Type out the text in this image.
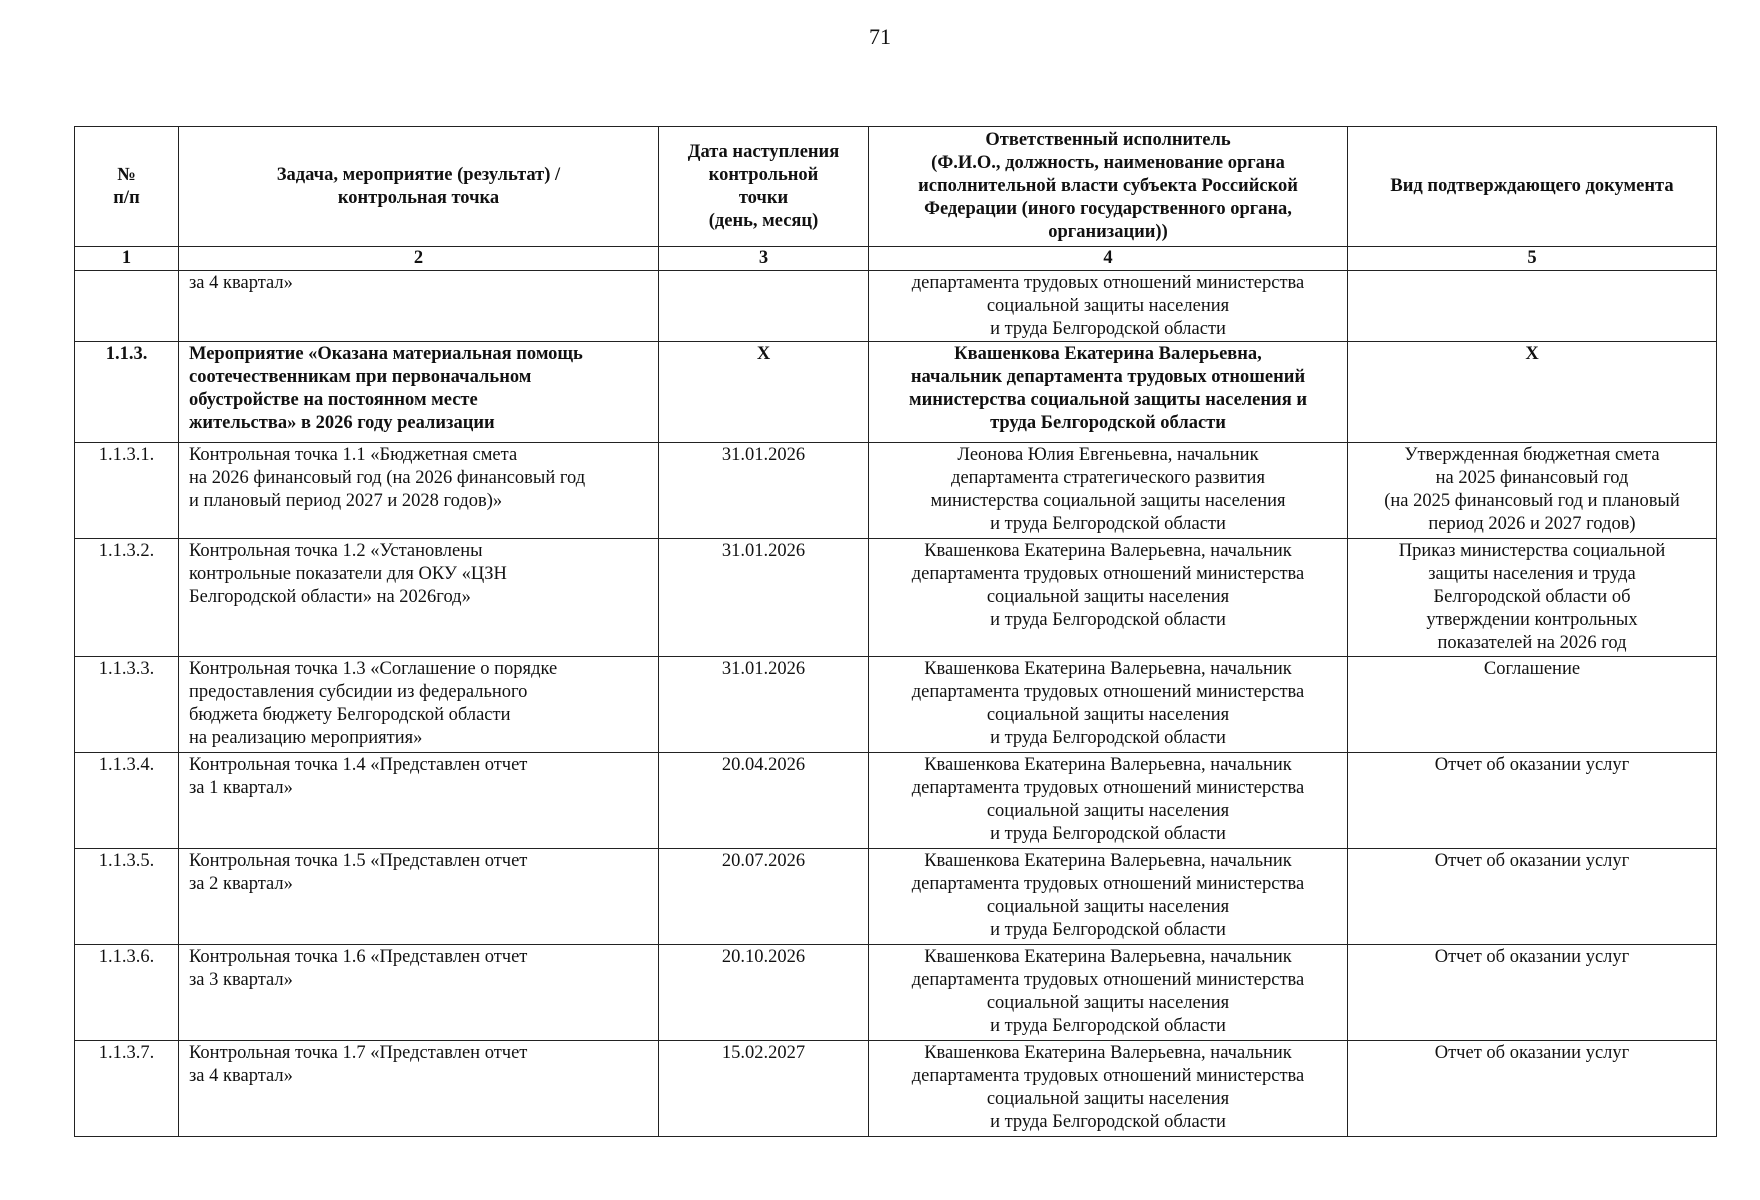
71
№
п/п	Задача, мероприятие (результат) /
контрольная точка	Дата наступления
контрольной
точки
(день, месяц)	Ответственный исполнитель
(Ф.И.О., должность, наименование органа
исполнительной власти субъекта Российской
Федерации (иного государственного органа,
организации))	Вид подтверждающего документа
1	2	3	4	5
	за 4 квартал»		департамента трудовых отношений министерства
социальной защиты населения
и труда Белгородской области	
1.1.3.	Мероприятие «Оказана материальная помощь
соотечественникам при первоначальном
обустройстве на постоянном месте
жительства» в 2026 году реализации	Х	Квашенкова Екатерина Валерьевна,
начальник департамента трудовых отношений
министерства социальной защиты населения и
труда Белгородской области	Х
1.1.3.1.	Контрольная точка 1.1 «Бюджетная смета
на 2026 финансовый год (на 2026 финансовый год
и плановый период 2027 и 2028 годов)»	31.01.2026	Леонова Юлия Евгеньевна, начальник
департамента стратегического развития
министерства социальной защиты населения
и труда Белгородской области	Утвержденная бюджетная смета
на 2025 финансовый год
(на 2025 финансовый год и плановый
период 2026 и 2027 годов)
1.1.3.2.	Контрольная точка 1.2 «Установлены
контрольные показатели для ОКУ «ЦЗН
Белгородской области» на 2026год»	31.01.2026	Квашенкова Екатерина Валерьевна, начальник
департамента трудовых отношений министерства
социальной защиты населения
и труда Белгородской области	Приказ министерства социальной
защиты населения и труда
Белгородской области об
утверждении контрольных
показателей на 2026 год
1.1.3.3.	Контрольная точка 1.3 «Соглашение о порядке
предоставления субсидии из федерального
бюджета бюджету Белгородской области
на реализацию мероприятия»	31.01.2026	Квашенкова Екатерина Валерьевна, начальник
департамента трудовых отношений министерства
социальной защиты населения
и труда Белгородской области	Соглашение
1.1.3.4.	Контрольная точка 1.4 «Представлен отчет
за 1 квартал»	20.04.2026	Квашенкова Екатерина Валерьевна, начальник
департамента трудовых отношений министерства
социальной защиты населения
и труда Белгородской области	Отчет об оказании услуг
1.1.3.5.	Контрольная точка 1.5 «Представлен отчет
за 2 квартал»	20.07.2026	Квашенкова Екатерина Валерьевна, начальник
департамента трудовых отношений министерства
социальной защиты населения
и труда Белгородской области	Отчет об оказании услуг
1.1.3.6.	Контрольная точка 1.6 «Представлен отчет
за 3 квартал»	20.10.2026	Квашенкова Екатерина Валерьевна, начальник
департамента трудовых отношений министерства
социальной защиты населения
и труда Белгородской области	Отчет об оказании услуг
1.1.3.7.	Контрольная точка 1.7 «Представлен отчет
за 4 квартал»	15.02.2027	Квашенкова Екатерина Валерьевна, начальник
департамента трудовых отношений министерства
социальной защиты населения
и труда Белгородской области	Отчет об оказании услуг
